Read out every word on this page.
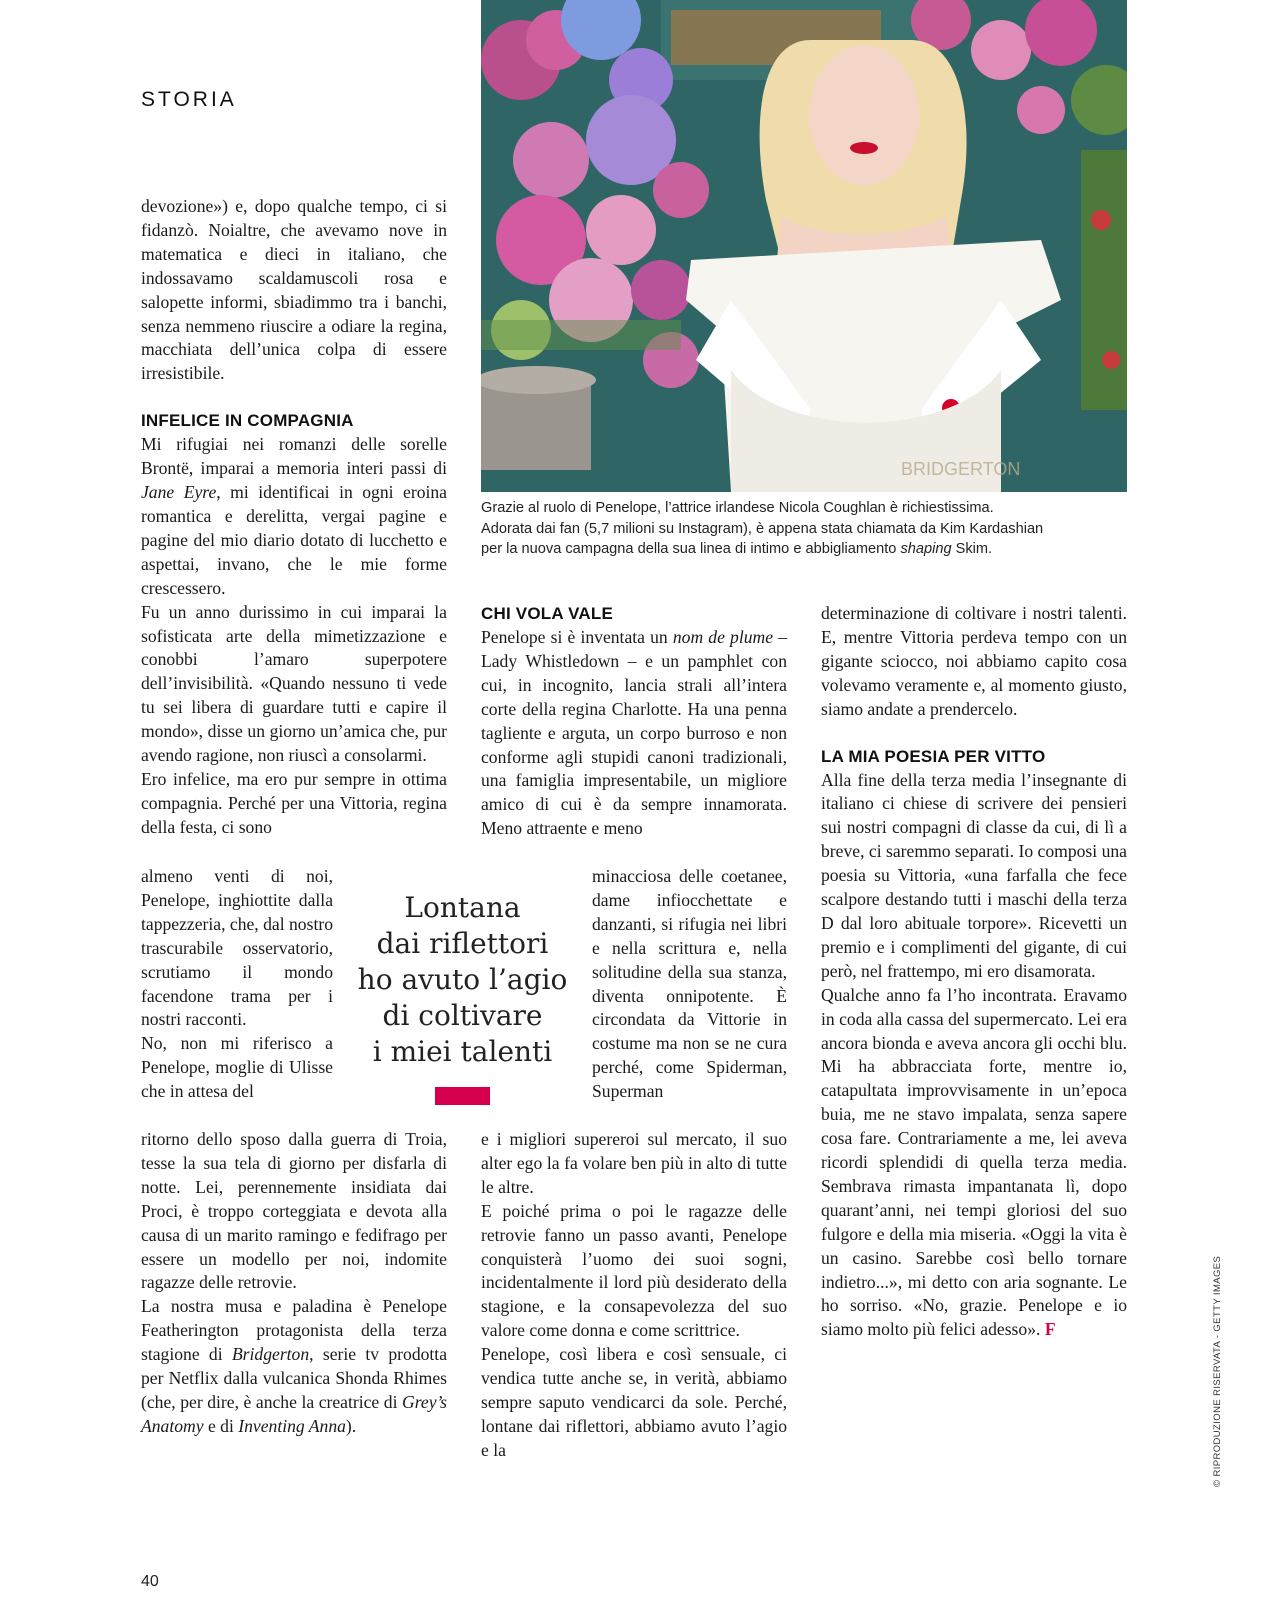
STORIA
BRIDGERTON

Grazie al ruolo di Penelope, l’attrice irlandese Nicola Coughlan è richiestissima.

Adorata dai fan (5,7 milioni su Instagram), è appena stata chiamata da Kim Kardashian

per la nuova campagna della sua linea di intimo e abbigliamento shaping Skim.

devozione») e, dopo qualche tempo, ci si fidanzò. Noialtre, che avevamo nove in matematica e dieci in italiano, che indossavamo scaldamuscoli rosa e salopette informi, sbiadimmo tra i banchi, senza nemmeno riuscire a odiare la regina, macchiata dell’unica colpa di essere irresistibile.

INFELICE IN COMPAGNIA

Mi rifugiai nei romanzi delle sorelle Brontë, imparai a memoria interi passi di Jane Eyre, mi identificai in ogni eroina romantica e derelitta, vergai pagine e pagine del mio diario dotato di lucchetto e aspettai, invano, che le mie forme crescessero.

Fu un anno durissimo in cui imparai la sofisticata arte della mimetizzazione e conobbi l’amaro superpotere dell’invisibilità. «Quando nessuno ti vede tu sei libera di guardare tutti e capire il mondo», disse un giorno un’amica che, pur avendo ragione, non riuscì a consolarmi.

Ero infelice, ma ero pur sempre in ottima compagnia. Perché per una Vittoria, regina della festa, ci sono

almeno venti di noi, Penelope, inghiottite dalla tappezzeria, che, dal nostro trascurabile osservatorio, scrutiamo il mondo facendone trama per i nostri racconti.

No, non mi riferisco a Penelope, moglie di Ulisse che in attesa del

ritorno dello sposo dalla guerra di Troia, tesse la sua tela di giorno per disfarla di notte. Lei, perennemente insidiata dai Proci, è troppo corteggiata e devota alla causa di un marito ramingo e fedifrago per essere un modello per noi, indomite ragazze delle retrovie.

La nostra musa e paladina è Penelope Featherington protagonista della terza stagione di Bridgerton, serie tv prodotta per Netflix dalla vulcanica Shonda Rhimes (che, per dire, è anche la creatrice di Grey’s Anatomy e di Inventing Anna).

Lontana
dai riflettori
ho avuto l’agio
di coltivare
i miei talenti
CHI VOLA VALE

Penelope si è inventata un nom de plume – Lady Whistledown – e un pamphlet con cui, in incognito, lancia strali all’intera corte della regina Charlotte. Ha una penna tagliente e arguta, un corpo burroso e non conforme agli stupidi canoni tradizionali, una famiglia impresentabile, un migliore amico di cui è da sempre innamorata. Meno attraente e meno

minacciosa delle coetanee, dame infiocchettate e danzanti, si rifugia nei libri e nella scrittura e, nella solitudine della sua stanza, diventa onnipotente. È circondata da Vittorie in costume ma non se ne cura perché, come Spiderman, Superman

e i migliori supereroi sul mercato, il suo alter ego la fa volare ben più in alto di tutte le altre.

E poiché prima o poi le ragazze delle retrovie fanno un passo avanti, Penelope conquisterà l’uomo dei suoi sogni, incidentalmente il lord più desiderato della stagione, e la consapevolezza del suo valore come donna e come scrittrice.

Penelope, così libera e così sensuale, ci vendica tutte anche se, in verità, abbiamo sempre saputo vendicarci da sole. Perché, lontane dai riflettori, abbiamo avuto l’agio e la

determinazione di coltivare i nostri talenti. E, mentre Vittoria perdeva tempo con un gigante sciocco, noi abbiamo capito cosa volevamo veramente e, al momento giusto, siamo andate a prendercelo.

LA MIA POESIA PER VITTO

Alla fine della terza media l’insegnante di italiano ci chiese di scrivere dei pensieri sui nostri compagni di classe da cui, di lì a breve, ci saremmo separati. Io composi una poesia su Vittoria, «una farfalla che fece scalpore destando tutti i maschi della terza D dal loro abituale torpore». Ricevetti un premio e i complimenti del gigante, di cui però, nel frattempo, mi ero disamorata.

Qualche anno fa l’ho incontrata. Eravamo in coda alla cassa del supermercato. Lei era ancora bionda e aveva ancora gli occhi blu. Mi ha abbracciata forte, mentre io, catapultata improvvisamente in un’epoca buia, me ne stavo impalata, senza sapere cosa fare. Contrariamente a me, lei aveva ricordi splendidi di quella terza media. Sembrava rimasta impantanata lì, dopo quarant’anni, nei tempi gloriosi del suo fulgore e della mia miseria. «Oggi la vita è un casino. Sarebbe così bello tornare indietro...», mi detto con aria sognante. Le ho sorriso. «No, grazie. Penelope e io siamo molto più felici adesso». F

40
© RIPRODUZIONE RISERVATA - GETTY IMAGES
